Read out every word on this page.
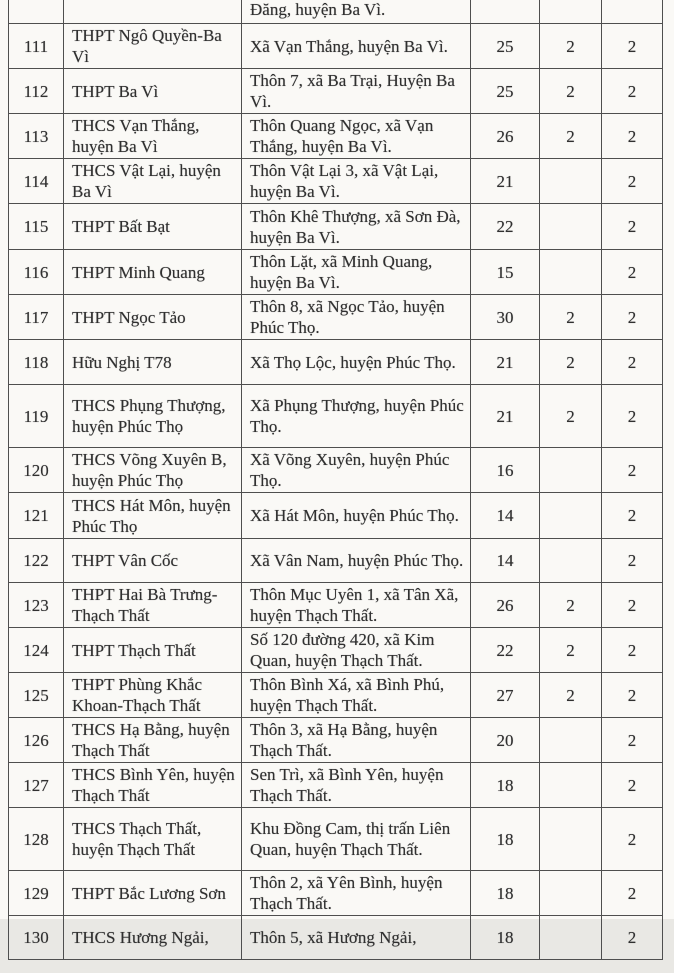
		Đăng, huyện Ba Vì.			
111	THPT Ngô Quyền-Ba Vì	Xã Vạn Thắng, huyện Ba Vì.	25	2	2
112	THPT Ba Vì	Thôn 7, xã Ba Trại, Huyện Ba Vì.	25	2	2
113	THCS Vạn Thắng, huyện Ba Vì	Thôn Quang Ngọc, xã Vạn Thắng, huyện Ba Vì.	26	2	2
114	THCS Vật Lại, huyện Ba Vì	Thôn Vật Lại 3, xã Vật Lại, huyện Ba Vì.	21		2
115	THPT Bất Bạt	Thôn Khê Thượng, xã Sơn Đà, huyện Ba Vì.	22		2
116	THPT Minh Quang	Thôn Lặt, xã Minh Quang, huyện Ba Vì.	15		2
117	THPT Ngọc Tảo	Thôn 8, xã Ngọc Tảo, huyện Phúc Thọ.	30	2	2
118	Hữu Nghị T78	Xã Thọ Lộc, huyện Phúc Thọ.	21	2	2
119	THCS Phụng Thượng, huyện Phúc Thọ	Xã Phụng Thượng, huyện Phúc Thọ.	21	2	2
120	THCS Võng Xuyên B, huyện Phúc Thọ	Xã Võng Xuyên, huyện Phúc Thọ.	16		2
121	THCS Hát Môn, huyện Phúc Thọ	Xã Hát Môn, huyện Phúc Thọ.	14		2
122	THPT Vân Cốc	Xã Vân Nam, huyện Phúc Thọ.	14		2
123	THPT Hai Bà Trưng-Thạch Thất	Thôn Mục Uyên 1, xã Tân Xã, huyện Thạch Thất.	26	2	2
124	THPT Thạch Thất	Số 120 đường 420, xã Kim Quan, huyện Thạch Thất.	22	2	2
125	THPT Phùng Khắc Khoan-Thạch Thất	Thôn Bình Xá, xã Bình Phú, huyện Thạch Thất.	27	2	2
126	THCS Hạ Bằng, huyện Thạch Thất	Thôn 3, xã Hạ Bằng, huyện Thạch Thất.	20		2
127	THCS Bình Yên, huyện Thạch Thất	Sen Trì, xã Bình Yên, huyện Thạch Thất.	18		2
128	THCS Thạch Thất, huyện Thạch Thất	Khu Đồng Cam, thị trấn Liên Quan, huyện Thạch Thất.	18		2
129	THPT Bắc Lương Sơn	Thôn 2, xã Yên Bình, huyện Thạch Thất.	18		2
130	THCS Hương Ngải,	Thôn 5, xã Hương Ngải,	18		2
